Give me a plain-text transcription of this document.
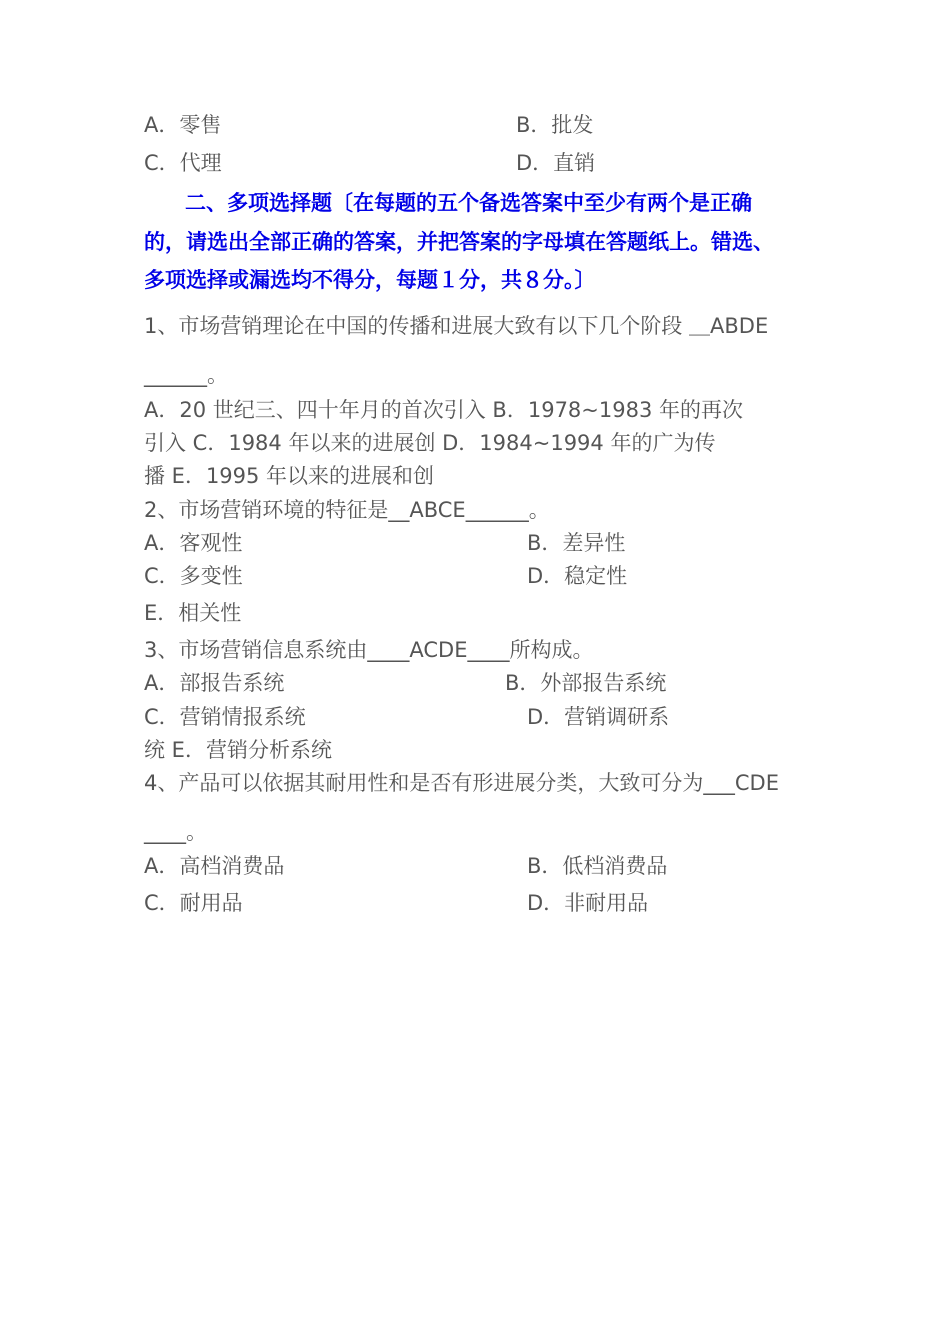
A．零售	B．批发
C．代理	D．直销
二、多项选择题〔在每题的五个备选答案中至少有两个是正确
的，请选出全部正确的答案，并把答案的字母填在答题纸上。错选、
多项选择或漏选均不得分，每题１分，共８分。〕
1、市场营销理论在中国的传播和进展大致有以下几个阶段 ＿ABDE
______。
A．20 世纪三、四十年月的首次引入 B．1978~1983 年的再次
引入 C．1984 年以来的进展创 D．1984~1994 年的广为传
播 E．1995 年以来的进展和创
2、市场营销环境的特征是__ABCE______。
A．客观性	B．差异性
C．多变性	D．稳定性
E．相关性
3、市场营销信息系统由____ACDE____所构成。
A．部报告系统	B．外部报告系统
C．营销情报系统	D．营销调研系
统 E．营销分析系统
4、产品可以依据其耐用性和是否有形进展分类，大致可分为___CDE
____。
A．高档消费品	B．低档消费品
C．耐用品	D．非耐用品
